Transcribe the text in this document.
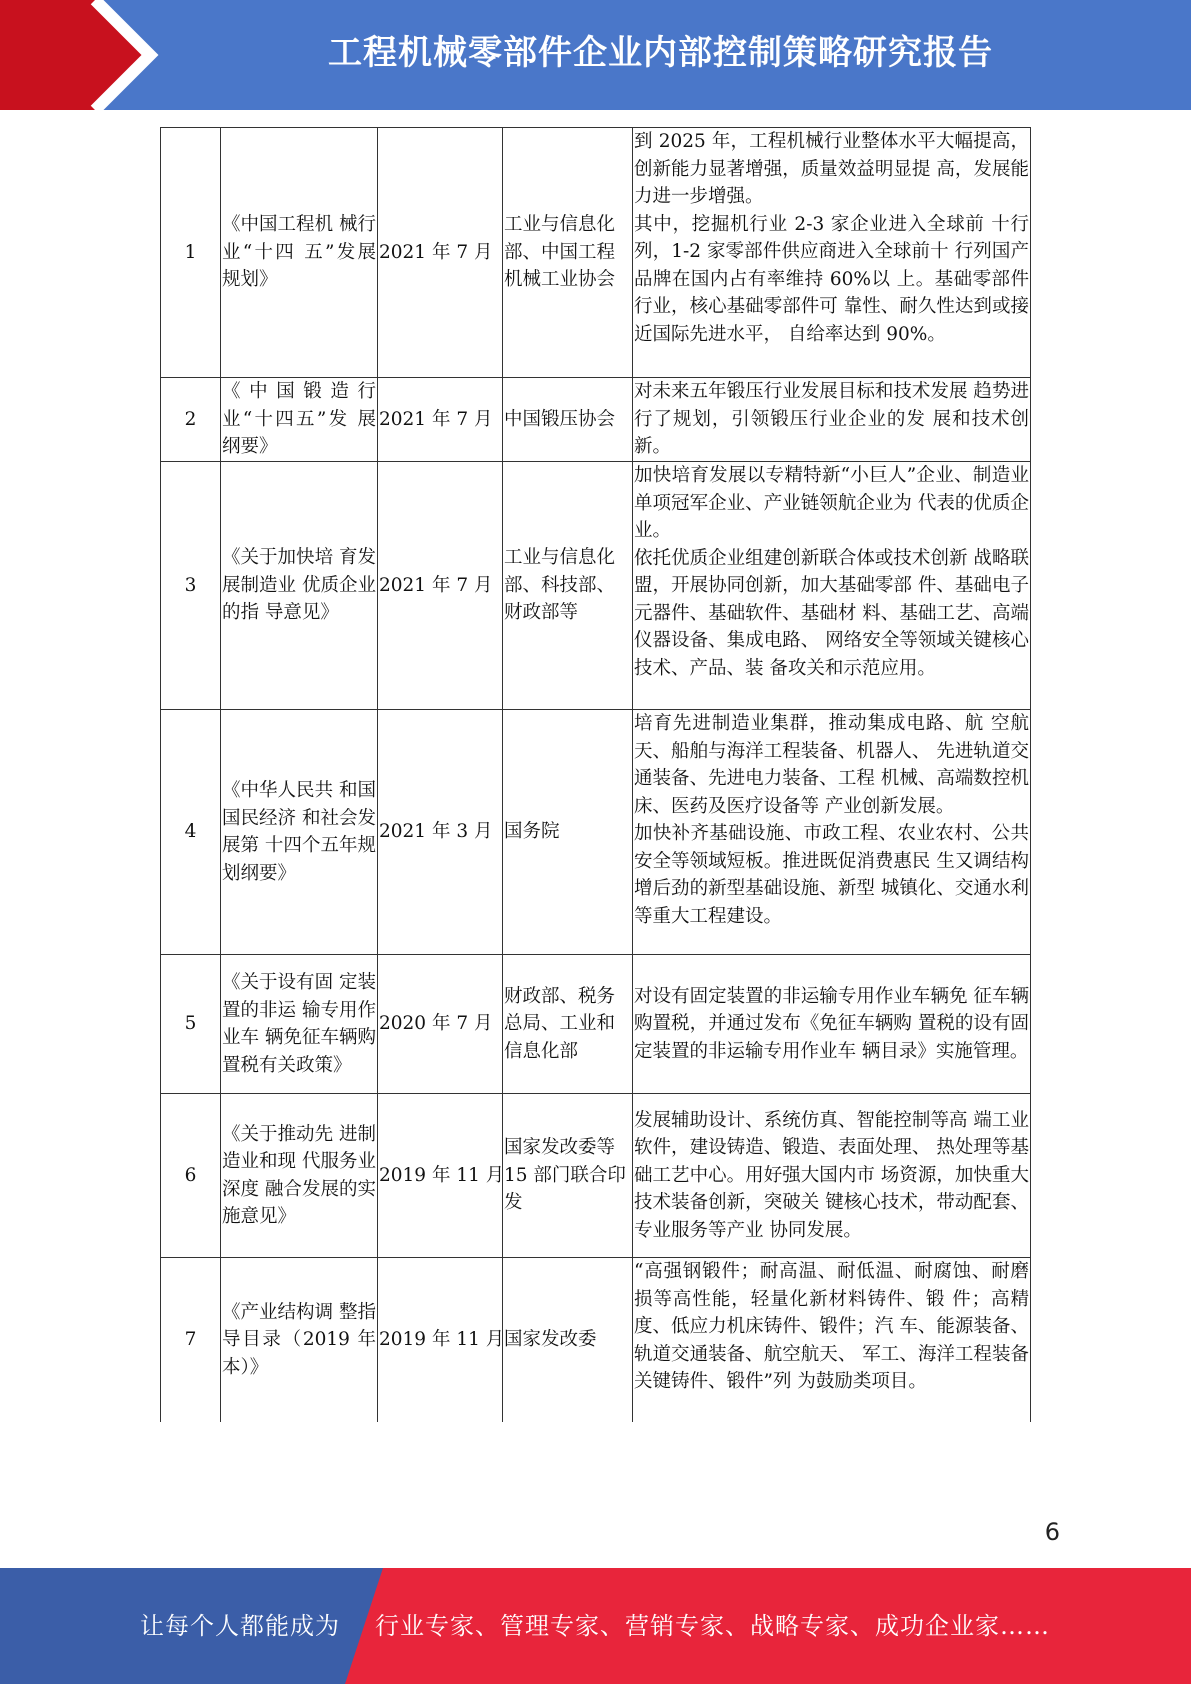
工程机械零部件企业内部控制策略研究报告
1	《中国工程机 械行业“十四 五”发展规划》	2021 年 7 月	工业与信息化部、中国工程机械工业协会	到 2025 年，工程机械行业整体水平大幅提高，创新能力显著增强，质量效益明显提 高，发展能力进一步增强。

其中，挖掘机行业 2-3 家企业进入全球前 十行列，1-2 家零部件供应商进入全球前十 行列国产品牌在国内占有率维持 60%以 上。基础零部件行业，核心基础零部件可 靠性、耐久性达到或接近国际先进水平， 自给率达到 90%。

2	《中国锻造行 业“十四五”发 展纲要》	2021 年 7 月	中国锻压协会	对未来五年锻压行业发展目标和技术发展 趋势进行了规划，引领锻压行业企业的发 展和技术创新。

3	《关于加快培 育发展制造业 优质企业的指 导意见》	2021 年 7 月	工业与信息化部、科技部、财政部等	加快培育发展以专精特新“小巨人”企业、制造业单项冠军企业、产业链领航企业为 代表的优质企业。

依托优质企业组建创新联合体或技术创新 战略联盟，开展协同创新，加大基础零部 件、基础电子元器件、基础软件、基础材 料、基础工艺、高端仪器设备、集成电路、 网络安全等领域关键核心技术、产品、装 备攻关和示范应用。

4	《中华人民共 和国国民经济 和社会发展第 十四个五年规 划纲要》	2021 年 3 月	国务院	培育先进制造业集群，推动集成电路、航 空航天、船舶与海洋工程装备、机器人、 先进轨道交通装备、先进电力装备、工程 机械、高端数控机床、医药及医疗设备等 产业创新发展。

加快补齐基础设施、市政工程、农业农村、公共安全等领域短板。推进既促消费惠民 生又调结构增后劲的新型基础设施、新型 城镇化、交通水利等重大工程建设。

5	《关于设有固 定装置的非运 输专用作业车 辆免征车辆购 置税有关政策》	2020 年 7 月	财政部、税务总局、工业和信息化部	对设有固定装置的非运输专用作业车辆免 征车辆购置税，并通过发布《免征车辆购 置税的设有固定装置的非运输专用作业车 辆目录》实施管理。

6	《关于推动先 进制造业和现 代服务业深度 融合发展的实 施意见》	2019 年 11 月	国家发改委等 15 部门联合印发	发展辅助设计、系统仿真、智能控制等高 端工业软件，建设铸造、锻造、表面处理、 热处理等基础工艺中心。用好强大国内市 场资源，加快重大技术装备创新，突破关 键核心技术，带动配套、专业服务等产业 协同发展。

7	《产业结构调 整指导目录（2019 年本）》	2019 年 11 月	国家发改委	“高强钢锻件；耐高温、耐低温、耐腐蚀、耐磨损等高性能，轻量化新材料铸件、锻 件；高精度、低应力机床铸件、锻件；汽 车、能源装备、轨道交通装备、航空航天、 军工、海洋工程装备关键铸件、锻件”列 为鼓励类项目。

6
让每个人都能成为	行业专家、管理专家、营销专家、战略专家、成功企业家……
